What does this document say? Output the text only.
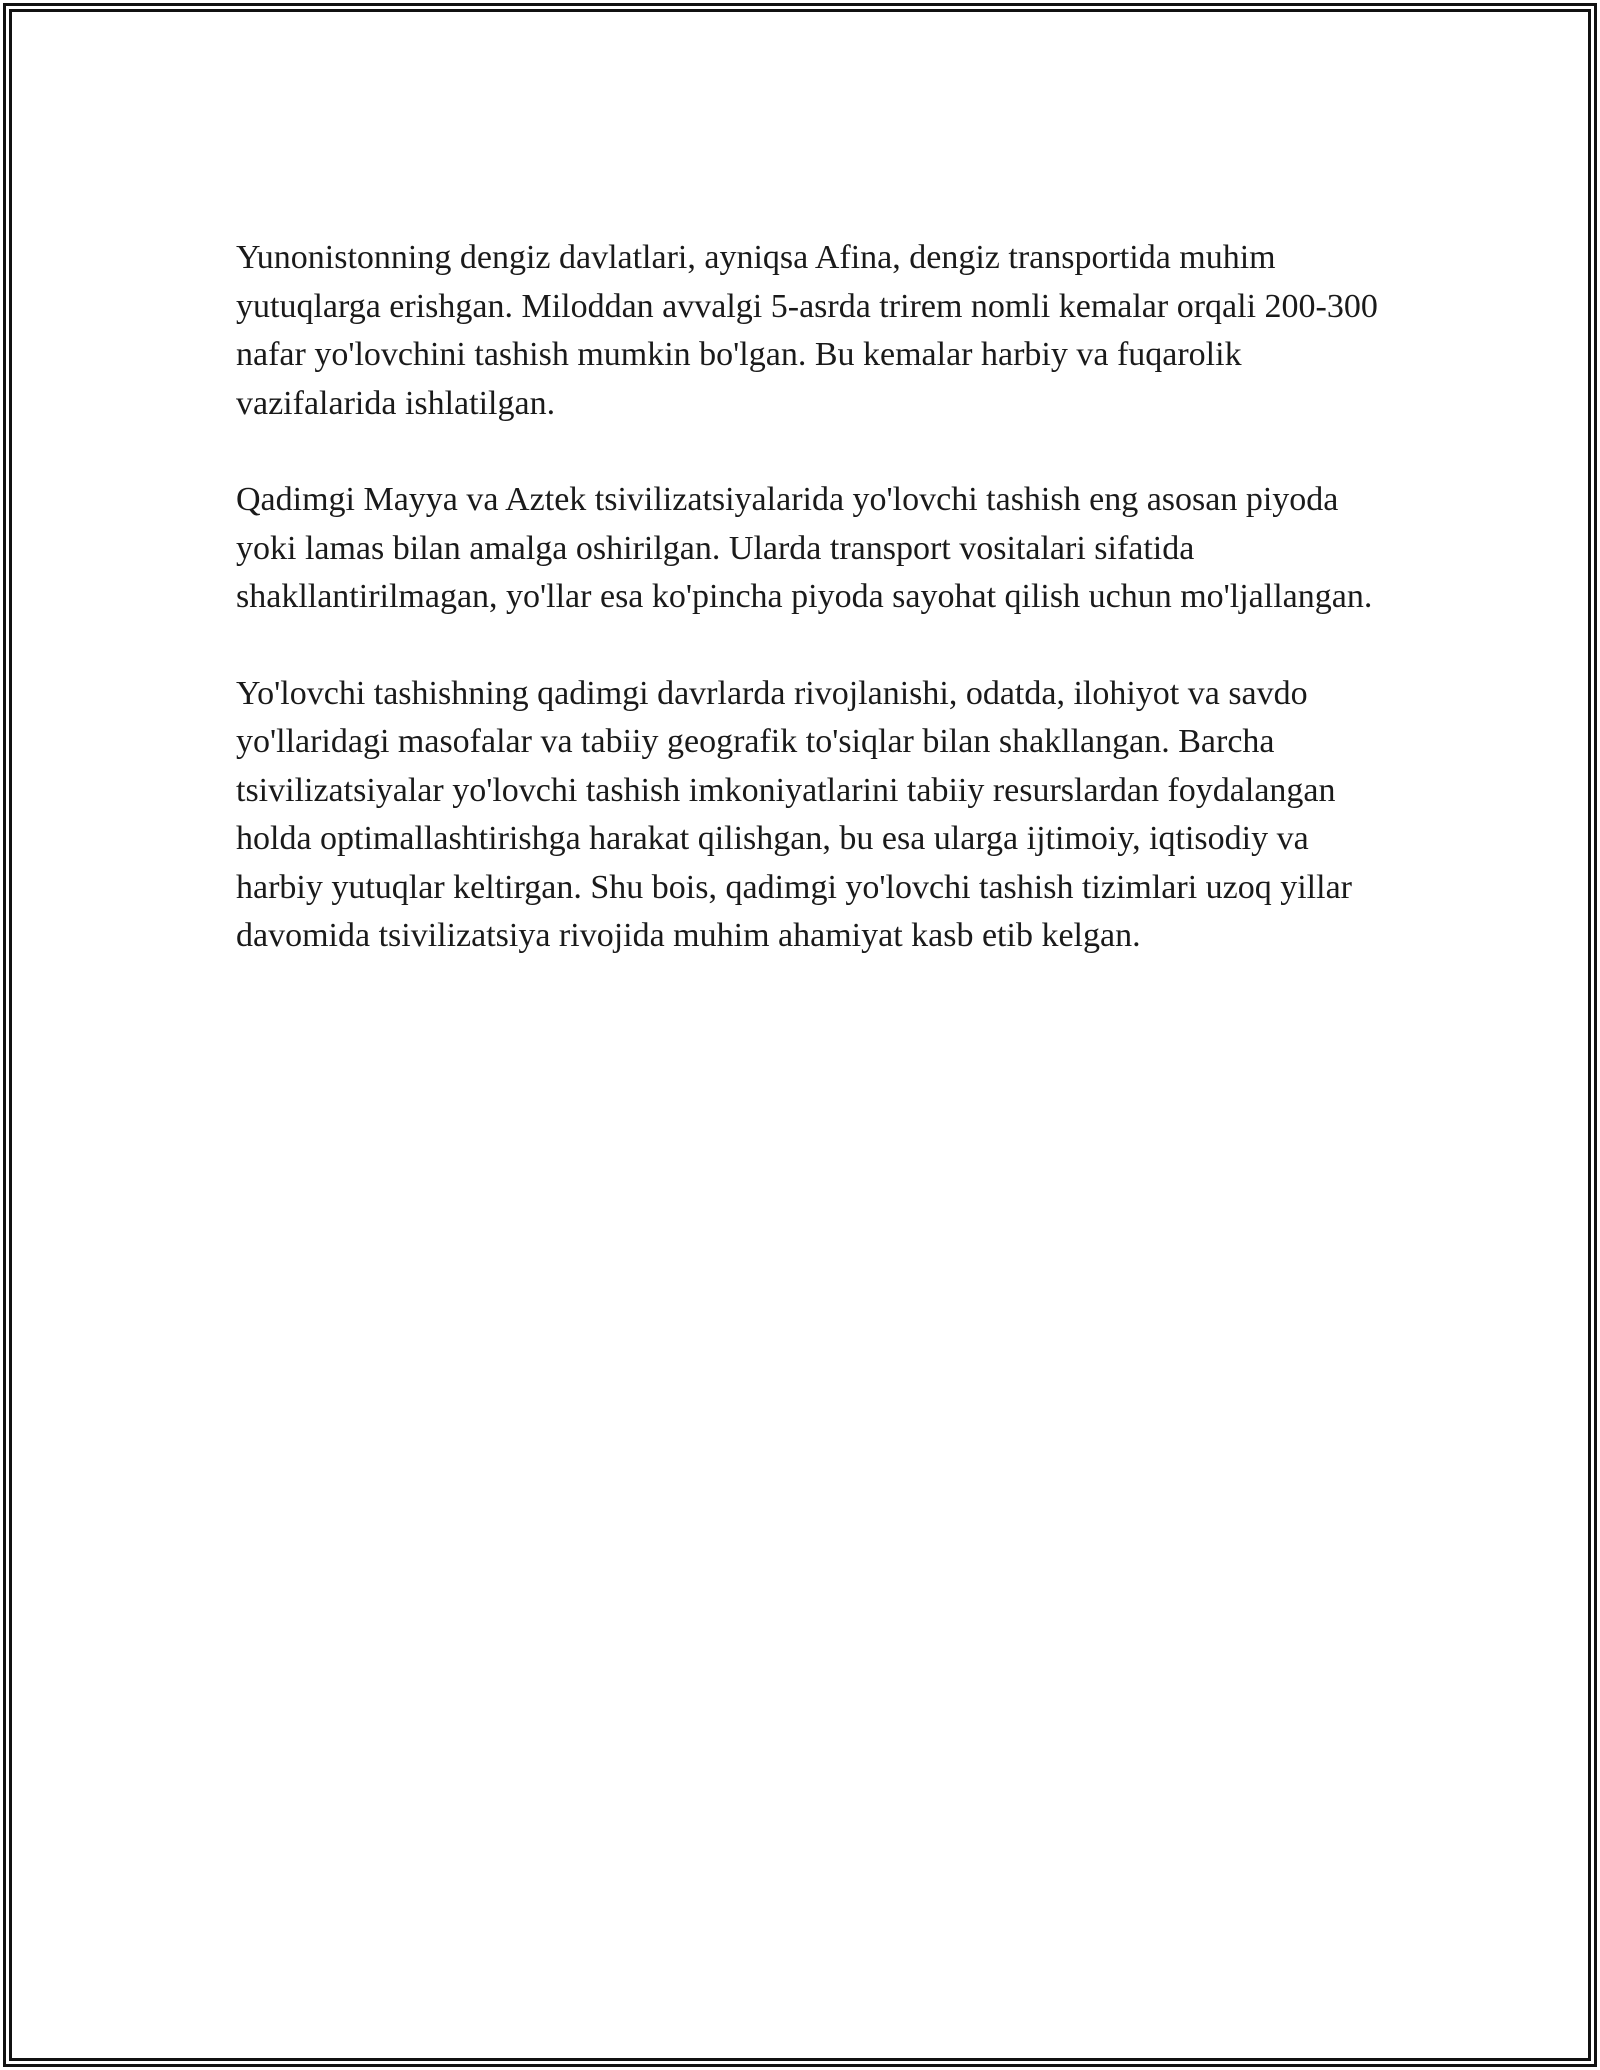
Yunonistonning dengiz davlatlari, ayniqsa Afina, dengiz transportida muhim yutuqlarga erishgan. Miloddan avvalgi 5-asrda trirem nomli kemalar orqali 200-300 nafar yo'lovchini tashish mumkin bo'lgan. Bu kemalar harbiy va fuqarolik vazifalarida ishlatilgan.

Qadimgi Mayya va Aztek tsivilizatsiyalarida yo'lovchi tashish eng asosan piyoda yoki lamas bilan amalga oshirilgan. Ularda transport vositalari sifatida shakllantirilmagan, yo'llar esa ko'pincha piyoda sayohat qilish uchun mo'ljallangan.

Yo'lovchi tashishning qadimgi davrlarda rivojlanishi, odatda, ilohiyot va savdo yo'llaridagi masofalar va tabiiy geografik to'siqlar bilan shakllangan. Barcha tsivilizatsiyalar yo'lovchi tashish imkoniyatlarini tabiiy resurslardan foydalangan holda optimallashtirishga harakat qilishgan, bu esa ularga ijtimoiy, iqtisodiy va harbiy yutuqlar keltirgan. Shu bois, qadimgi yo'lovchi tashish tizimlari uzoq yillar davomida tsivilizatsiya rivojida muhim ahamiyat kasb etib kelgan.
